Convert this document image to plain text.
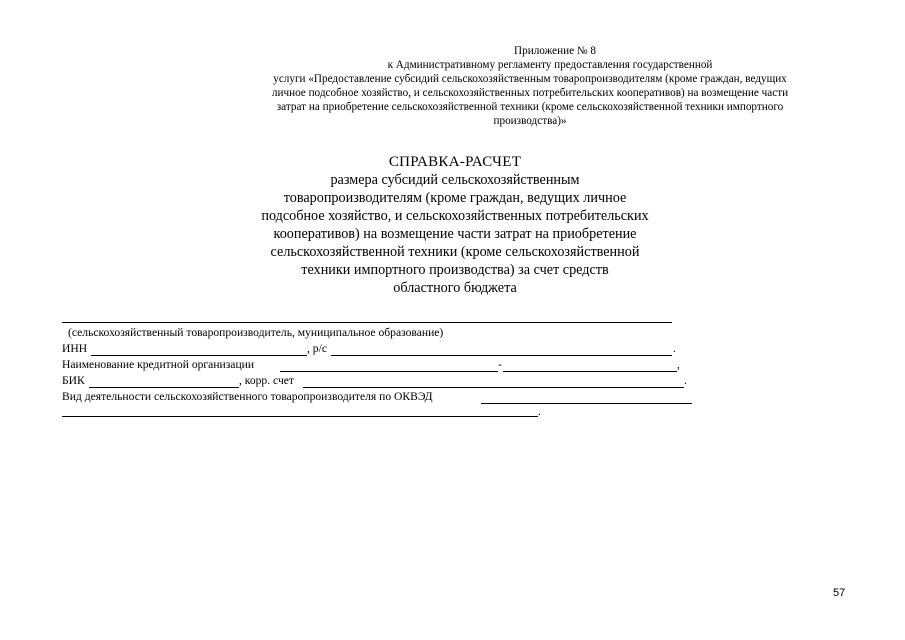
Приложение № 8
к Административному регламенту предоставления государственной
услуги «Предоставление субсидий сельскохозяйственным товаропроизводителям (кроме граждан, ведущих
личное подсобное хозяйство, и сельскохозяйственных потребительских кооперативов) на возмещение части
затрат на приобретение сельскохозяйственной техники (кроме сельскохозяйственной техники импортного
производства)»
СПРАВКА-РАСЧЕТ
размера субсидий сельскохозяйственным
товаропроизводителям (кроме граждан, ведущих личное
подсобное хозяйство, и сельскохозяйственных потребительских
кооперативов) на возмещение части затрат на приобретение
сельскохозяйственной техники (кроме сельскохозяйственной
техники импортного производства) за счет средств
областного бюджета
(сельскохозяйственный товаропроизводитель, муниципальное образование)
ИНН	, р/с	.
Наименование кредитной организации	-	,
БИК	, корр. счет	.
Вид деятельности сельскохозяйственного товаропроизводителя по ОКВЭД
.
57
